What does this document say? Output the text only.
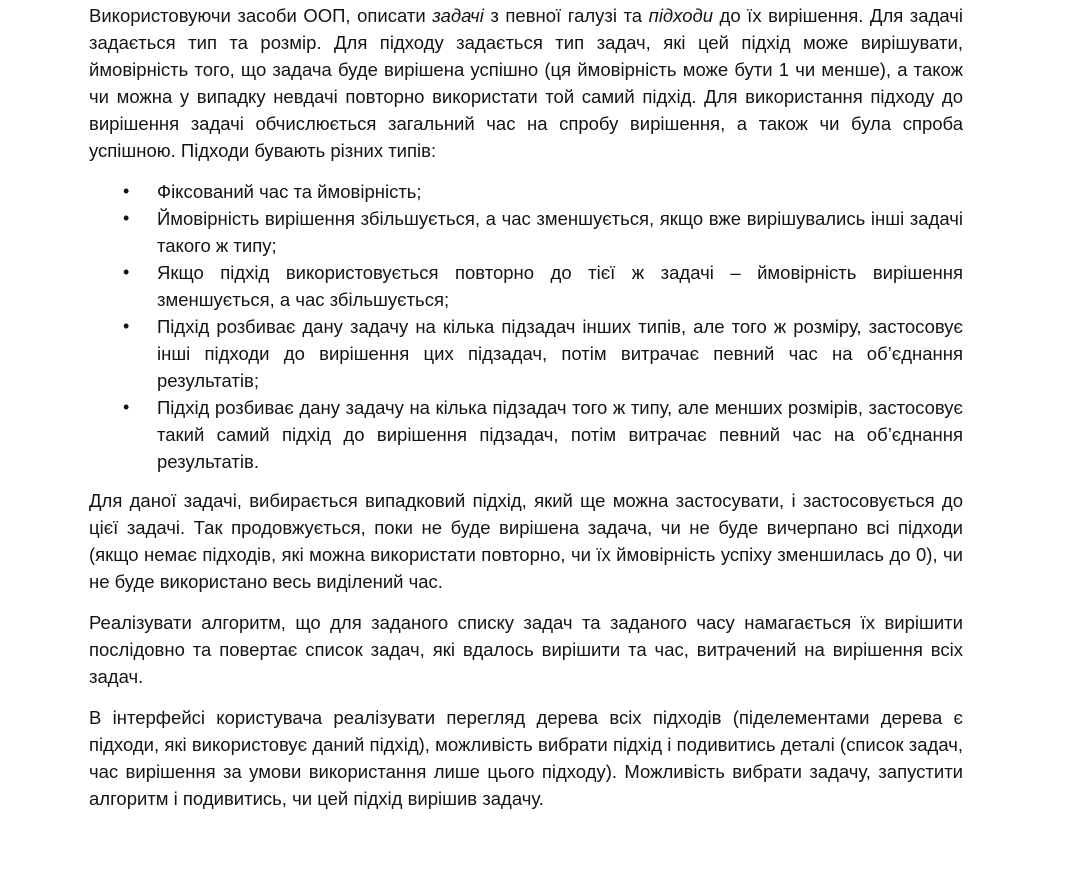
Використовуючи засоби ООП, описати задачі з певної галузі та підходи до їх вирішення. Для задачі задається тип та розмір. Для підходу задається тип задач, які цей підхід може вирішувати, ймовірність того, що задача буде вирішена успішно (ця ймовірність може бути 1 чи менше), а також чи можна у випадку невдачі повторно використати той самий підхід. Для використання підходу до вирішення задачі обчислюється загальний час на спробу вирішення, а також чи була спроба успішною. Підходи бувають різних типів:

• Фіксований час та ймовірність;
• Ймовірність вирішення збільшується, а час зменшується, якщо вже вирішувались інші задачі такого ж типу;
• Якщо підхід використовується повторно до тієї ж задачі – ймовірність вирішення зменшується, а час збільшується;
• Підхід розбиває дану задачу на кілька підзадач інших типів, але того ж розміру, застосовує інші підходи до вирішення цих підзадач, потім витрачає певний час на об’єднання результатів;
• Підхід розбиває дану задачу на кілька підзадач того ж типу, але менших розмірів, застосовує такий самий підхід до вирішення підзадач, потім витрачає певний час на об’єднання результатів.

Для даної задачі, вибирається випадковий підхід, який ще можна застосувати, і застосовується до цієї задачі. Так продовжується, поки не буде вирішена задача, чи не буде вичерпано всі підходи (якщо немає підходів, які можна використати повторно, чи їх ймовірність успіху зменшилась до 0), чи не буде використано весь виділений час.

Реалізувати алгоритм, що для заданого списку задач та заданого часу намагається їх вирішити послідовно та повертає список задач, які вдалось вирішити та час, витрачений на вирішення всіх задач.

В інтерфейсі користувача реалізувати перегляд дерева всіх підходів (піделементами дерева є підходи, які використовує даний підхід), можливість вибрати підхід і подивитись деталі (список задач, час вирішення за умови використання лише цього підходу). Можливість вибрати задачу, запустити алгоритм і подивитись, чи цей підхід вирішив задачу.
